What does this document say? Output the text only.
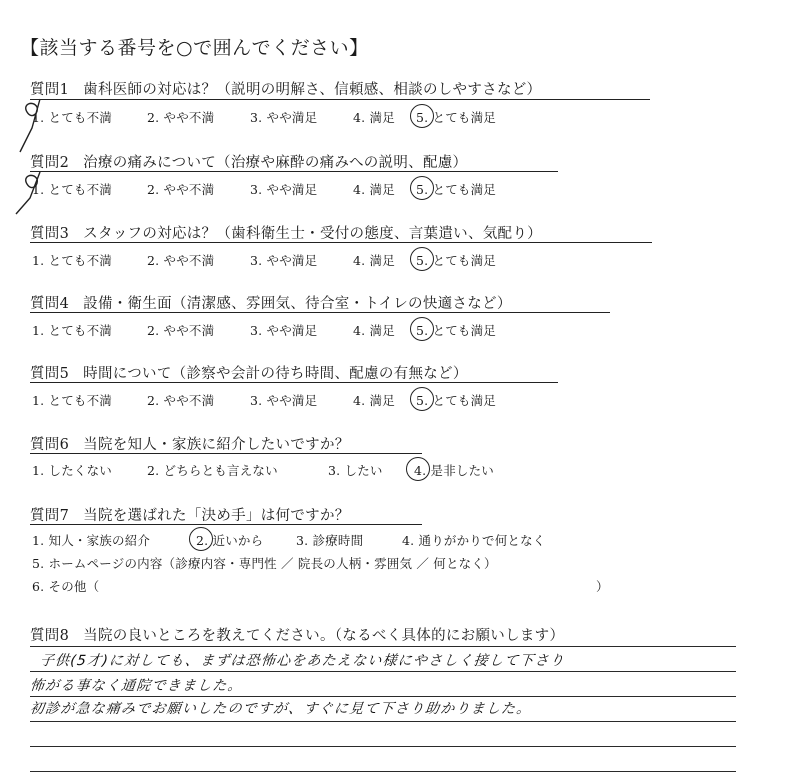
【該当する番号を○で囲んでください】
質問1 歯科医師の対応は？（説明の明解さ、信頼感、相談のしやすさなど）
1. とても不満	2. やや不満	3. やや満足	4. 満足 5. とても満足
質問2 治療の痛みについて（治療や麻酔の痛みへの説明、配慮）
1. とても不満	2. やや不満	3. やや満足	4. 満足 5. とても満足
質問3 スタッフの対応は？（歯科衛生士・受付の態度、言葉遣い、気配り）
1. とても不満	2. やや不満	3. やや満足	4. 満足 5. とても満足
質問4 設備・衛生面（清潔感、雰囲気、待合室・トイレの快適さなど）
1. とても不満	2. やや不満	3. やや満足	4. 満足 5. とても満足
質問5 時間について（診察や会計の待ち時間、配慮の有無など）
1. とても不満	2. やや不満	3. やや満足	4. 満足 5. とても満足
質問6 当院を知人・家族に紹介したいですか？
1. したくない	2. どちらとも言えない	3. したい	4. 是非したい
質問7 当院を選ばれた「決め手」は何ですか？
1. 知人・家族の紹介	2. 近いから	3. 診療時間	4. 通りがかりで何となく
5. ホームページの内容（診療内容・専門性 ／ 院長の人柄・雰囲気 ／ 何となく）
6. その他（	）
質問8 当院の良いところを教えてください。（なるべく具体的にお願いします）
子供(5才)に対しても、まずは恐怖心をあたえない様にやさしく接して下さり
怖がる事なく通院できました。
初診が急な痛みでお願いしたのですが、すぐに見て下さり助かりました。
